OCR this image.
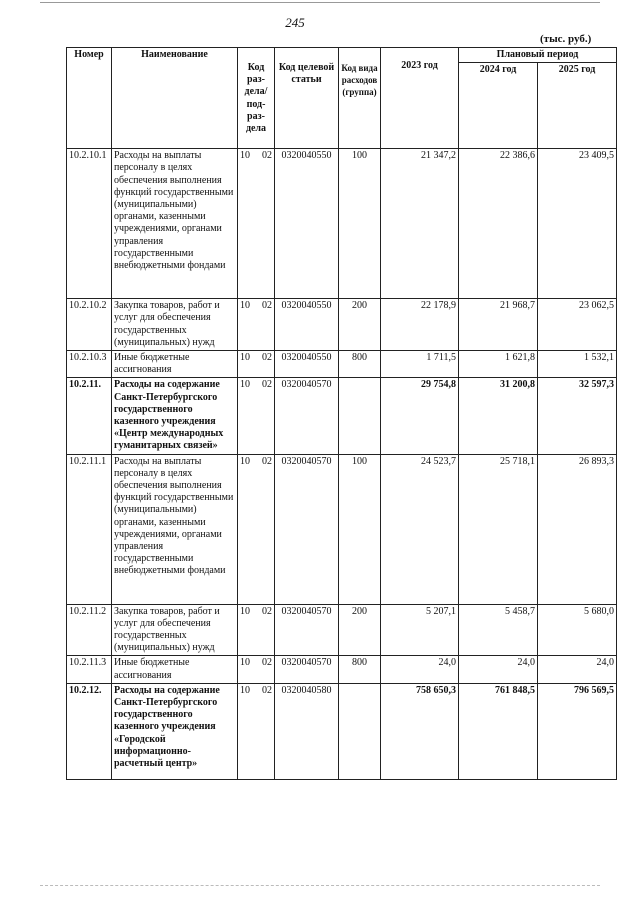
245
(тыс. руб.)
Номер	Наименование	Код раз-дела/под-раз-дела	Код целевой статьи	Код вида расходов (группа)	2023 год	Плановый период	
						2024 год	2025 год
10.2.10.1	Расходы на выплаты персоналу в целях обеспечения выполнения функций государственными (муниципальными) органами, казенными учреждениями, органами управления государственными внебюджетными фондами	10 02	0320040550	100	21 347,2	22 386,6	23 409,5
10.2.10.2	Закупка товаров, работ и услуг для обеспечения государственных (муниципальных) нужд	10 02	0320040550	200	22 178,9	21 968,7	23 062,5
10.2.10.3	Иные бюджетные ассигнования	10 02	0320040550	800	1 711,5	1 621,8	1 532,1
10.2.11.	Расходы на содержание Санкт-Петербургского государственного казенного учреждения «Центр международных гуманитарных связей»	10 02	0320040570		29 754,8	31 200,8	32 597,3
10.2.11.1	Расходы на выплаты персоналу в целях обеспечения выполнения функций государственными (муниципальными) органами, казенными учреждениями, органами управления государственными внебюджетными фондами	10 02	0320040570	100	24 523,7	25 718,1	26 893,3
10.2.11.2	Закупка товаров, работ и услуг для обеспечения государственных (муниципальных) нужд	10 02	0320040570	200	5 207,1	5 458,7	5 680,0
10.2.11.3	Иные бюджетные ассигнования	10 02	0320040570	800	24,0	24,0	24,0
10.2.12.	Расходы на содержание Санкт-Петербургского государственного казенного учреждения «Городской информационно-расчетный центр»	10 02	0320040580		758 650,3	761 848,5	796 569,5
